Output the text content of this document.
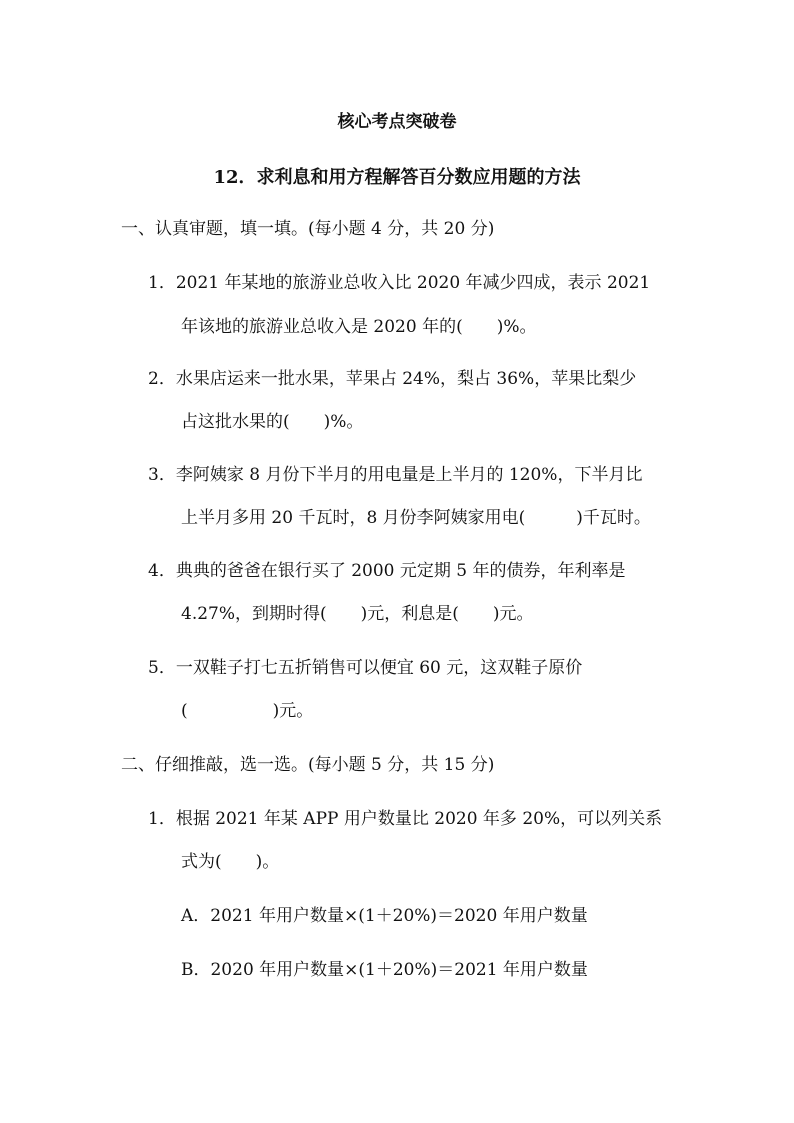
核心考点突破卷
12．求利息和用方程解答百分数应用题的方法
一、认真审题，填一填。(每小题 4 分，共 20 分)
1．2021 年某地的旅游业总收入比 2020 年减少四成，表示 2021
年该地的旅游业总收入是 2020 年的(　　)%。
2．水果店运来一批水果，苹果占 24%，梨占 36%，苹果比梨少
占这批水果的(　　)%。
3．李阿姨家 8 月份下半月的用电量是上半月的 120%，下半月比
上半月多用 20 千瓦时，8 月份李阿姨家用电(　　　)千瓦时。
4．典典的爸爸在银行买了 2000 元定期 5 年的债券，年利率是
4.27%，到期时得(　　)元，利息是(　　)元。
5．一双鞋子打七五折销售可以便宜 60 元，这双鞋子原价
(　　　　　)元。
二、仔细推敲，选一选。(每小题 5 分，共 15 分)
1．根据 2021 年某 APP 用户数量比 2020 年多 20%，可以列关系
式为(　　)。
A．2021 年用户数量×(1＋20%)＝2020 年用户数量
B．2020 年用户数量×(1＋20%)＝2021 年用户数量
